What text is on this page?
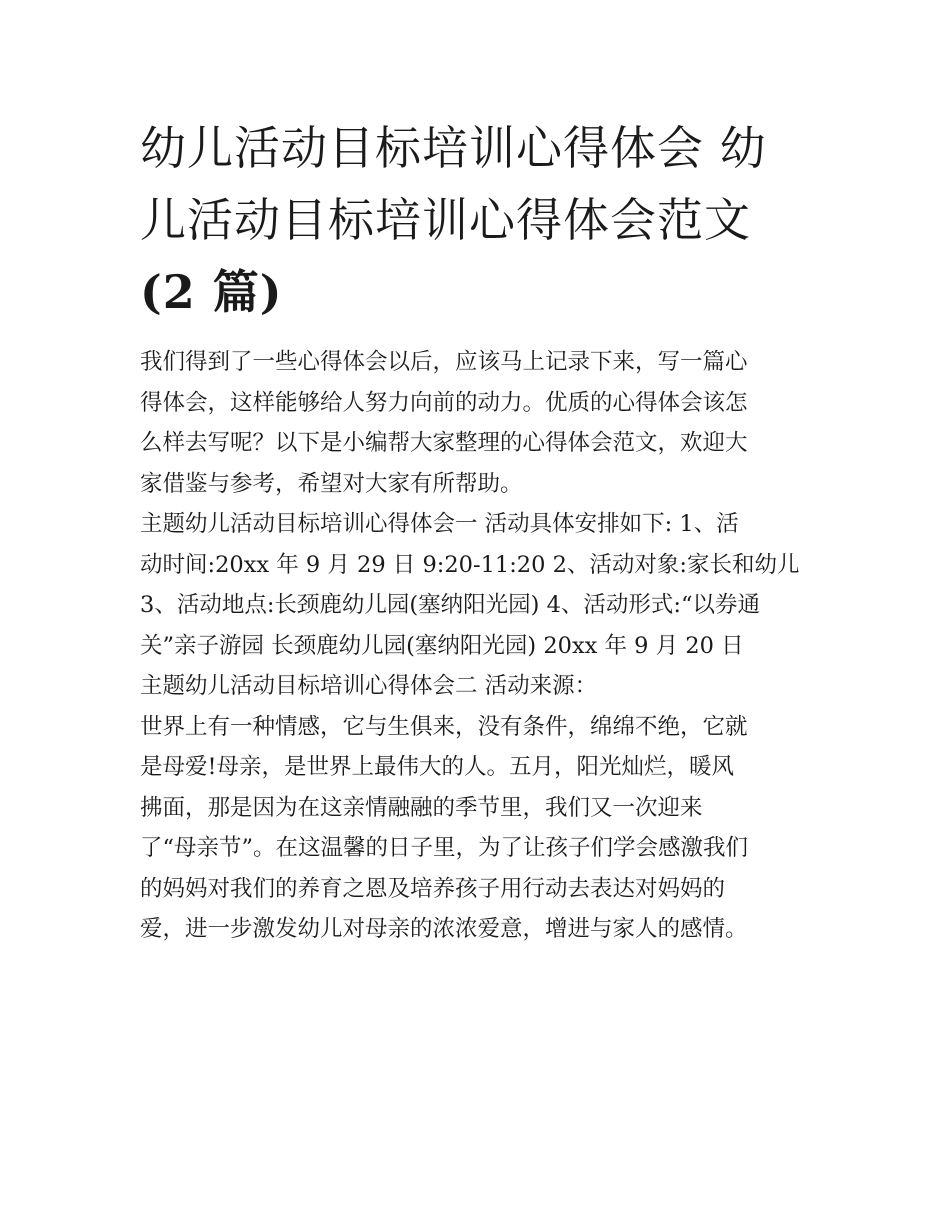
幼儿活动目标培训心得体会 幼
儿活动目标培训心得体会范文
(2 篇)
我们得到了一些心得体会以后，应该马上记录下来，写一篇心
得体会，这样能够给人努力向前的动力。优质的心得体会该怎
么样去写呢？以下是小编帮大家整理的心得体会范文，欢迎大
家借鉴与参考，希望对大家有所帮助。
主题幼儿活动目标培训心得体会一 活动具体安排如下: 1、活
动时间:20xx 年 9 月 29 日 9:20-11:20 2、活动对象:家长和幼儿
3、活动地点:长颈鹿幼儿园(塞纳阳光园) 4、活动形式:“以券通
关”亲子游园 长颈鹿幼儿园(塞纳阳光园) 20xx 年 9 月 20 日
主题幼儿活动目标培训心得体会二 活动来源：
世界上有一种情感，它与生俱来，没有条件，绵绵不绝，它就
是母爱!母亲，是世界上最伟大的人。五月，阳光灿烂，暖风
拂面，那是因为在这亲情融融的季节里，我们又一次迎来
了“母亲节”。在这温馨的日子里，为了让孩子们学会感激我们
的妈妈对我们的养育之恩及培养孩子用行动去表达对妈妈的
爱，进一步激发幼儿对母亲的浓浓爱意，增进与家人的感情。
